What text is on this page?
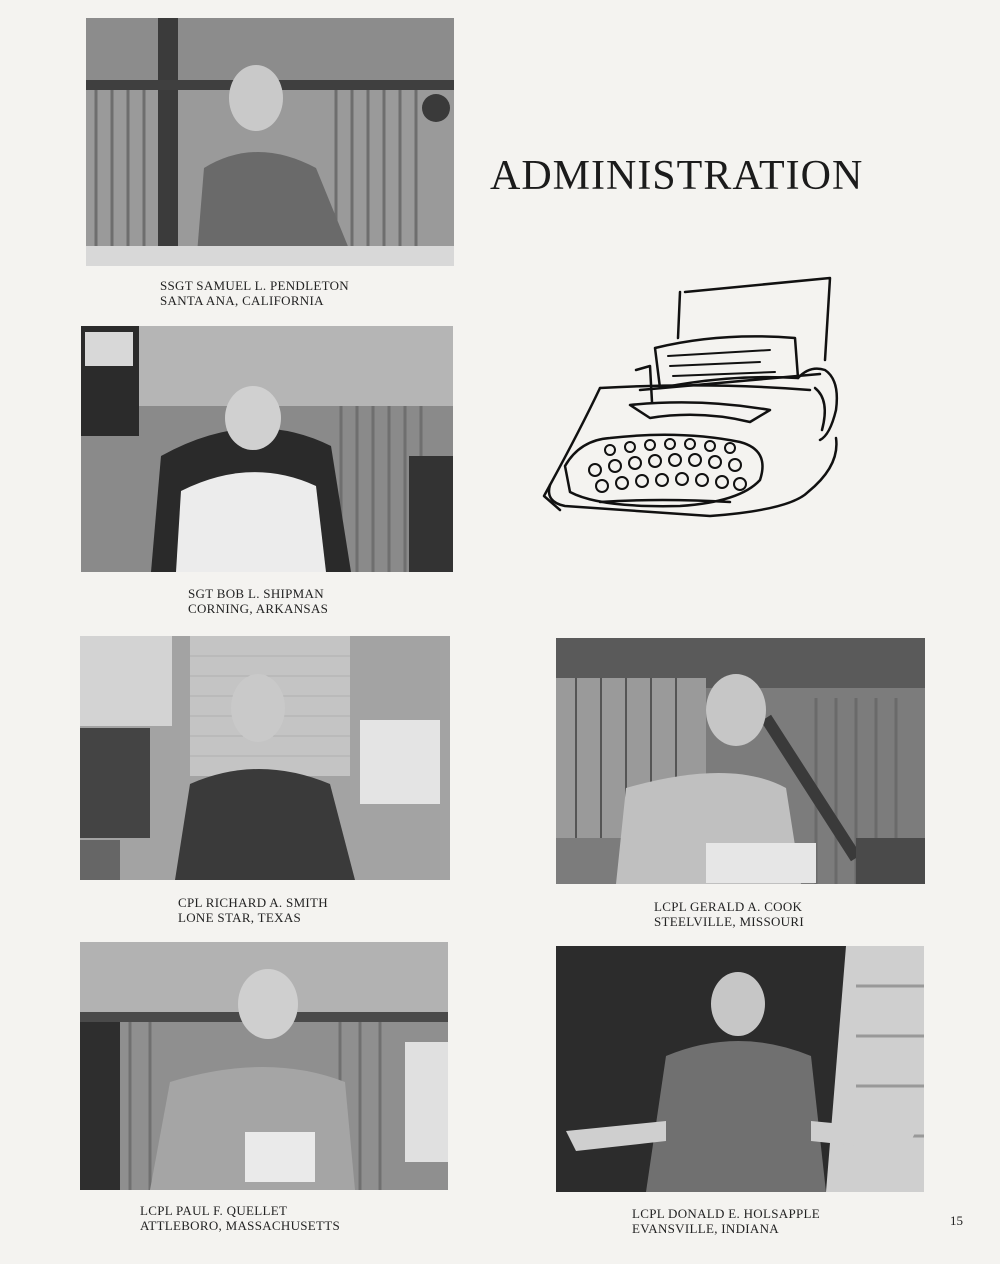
ADMINISTRATION
SSGT SAMUEL L. PENDLETON
SANTA ANA, CALIFORNIA
SGT BOB L. SHIPMAN
CORNING, ARKANSAS
CPL RICHARD A. SMITH
LONE STAR, TEXAS
LCPL GERALD A. COOK
STEELVILLE, MISSOURI
LCPL PAUL F. QUELLET
ATTLEBORO, MASSACHUSETTS
LCPL DONALD E. HOLSAPPLE
EVANSVILLE, INDIANA
15
